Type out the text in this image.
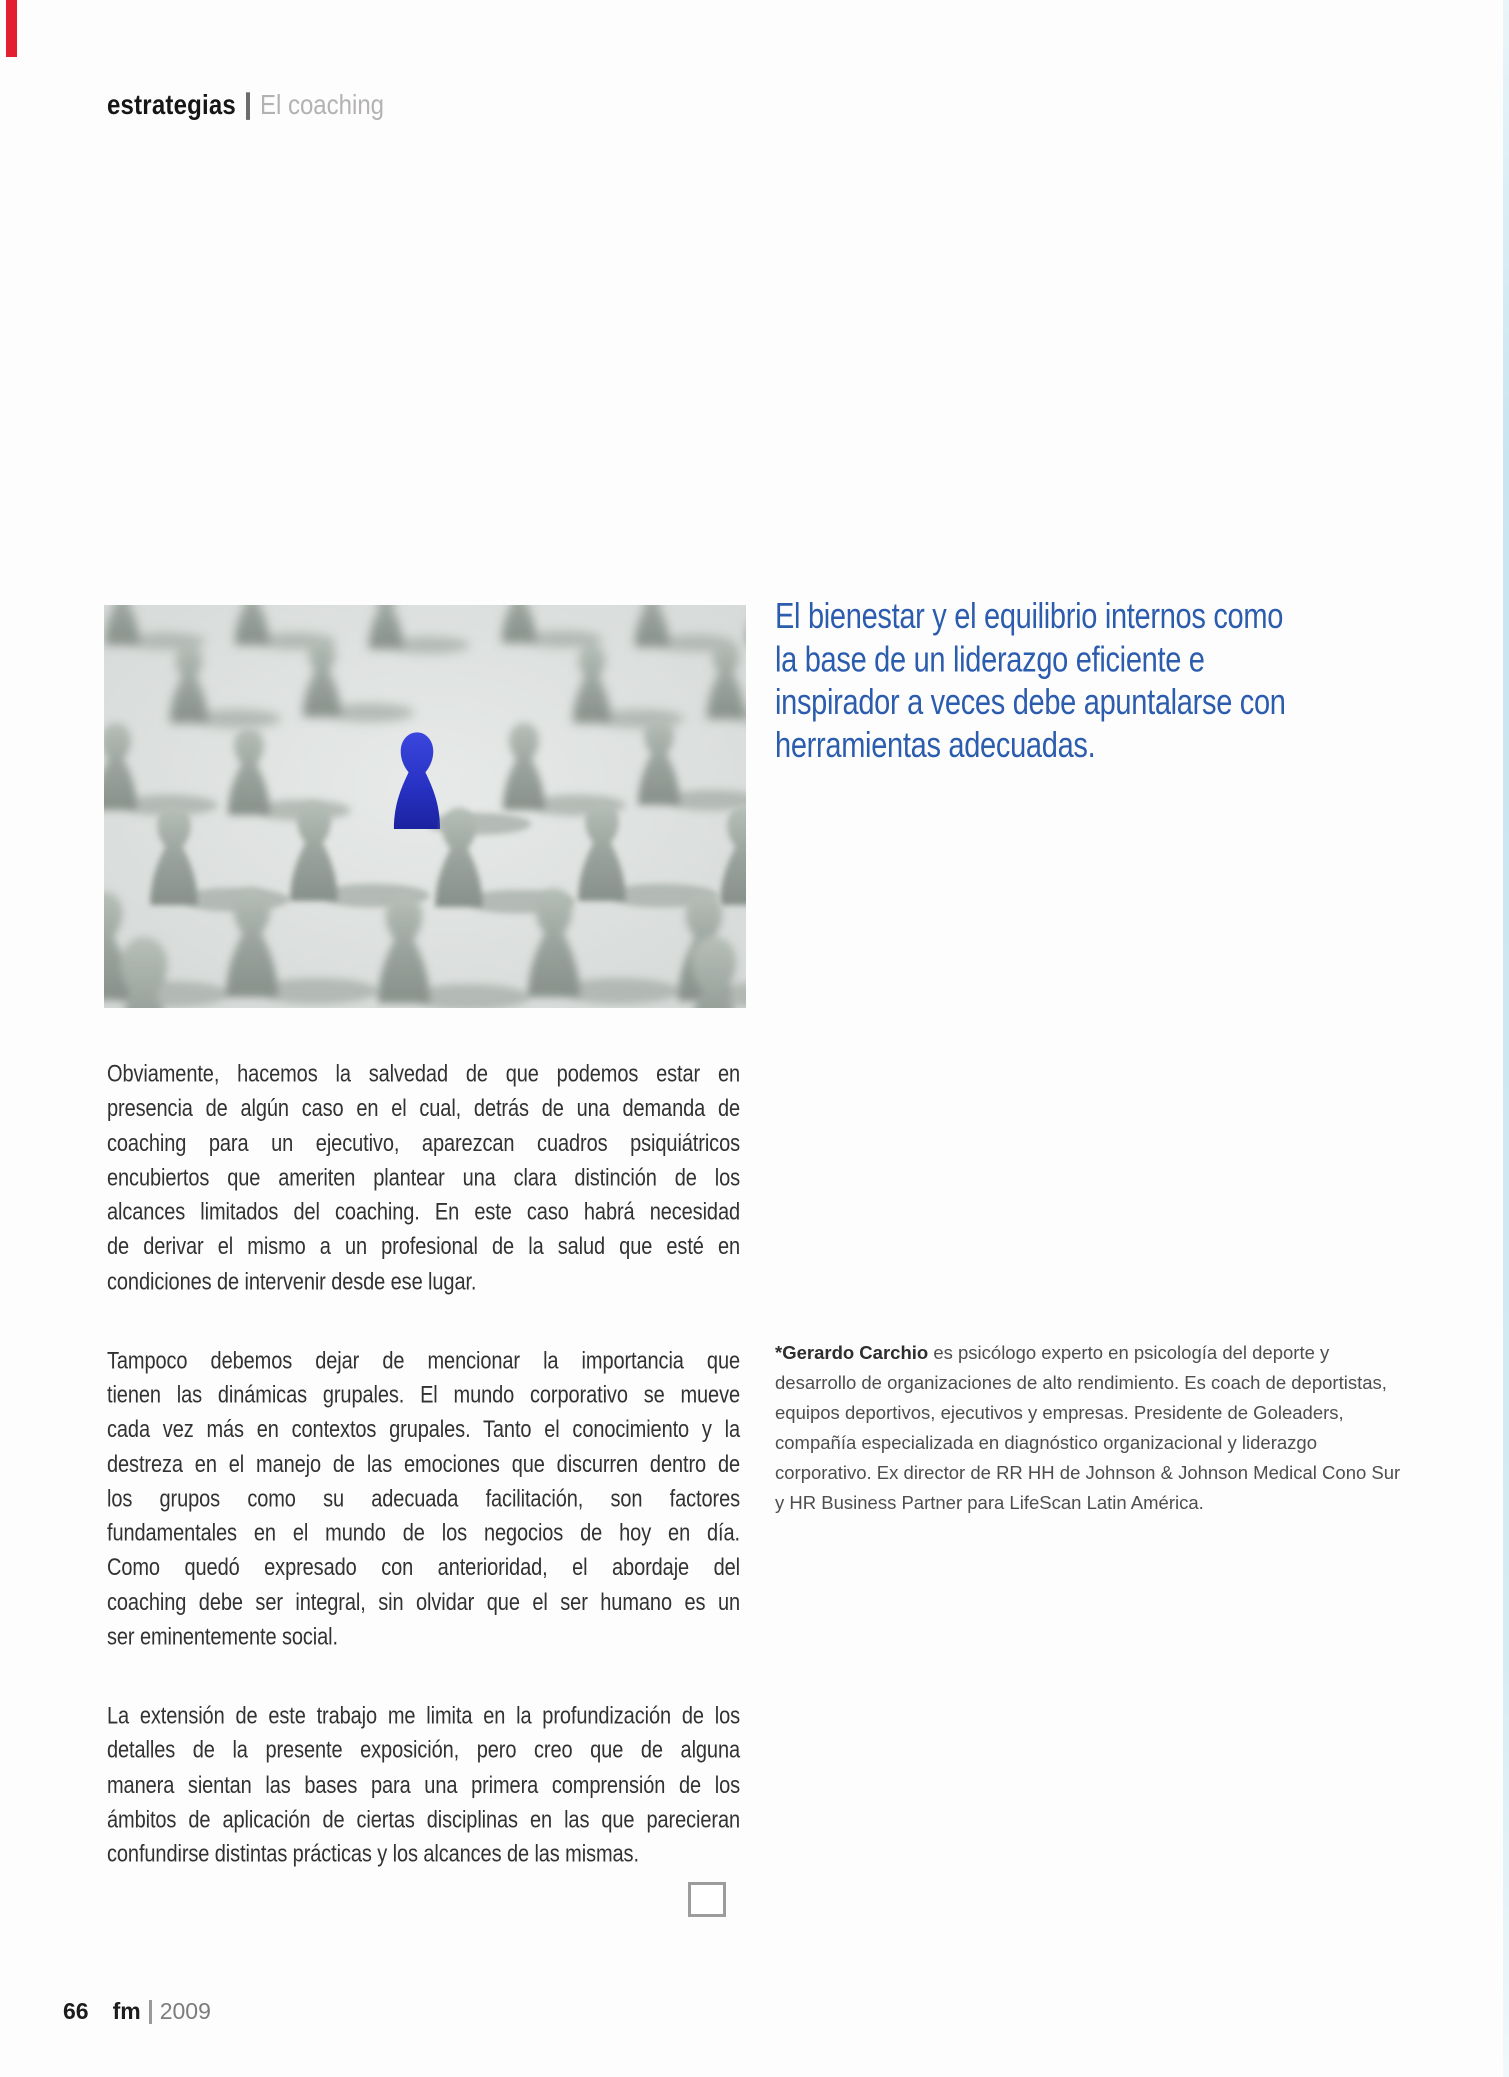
estrategias El coaching
El bienestar y el equilibrio internos como
la base de un liderazgo eficiente e
inspirador a veces debe apuntalarse con
herramientas adecuadas.
Obviamente, hacemos la salvedad de que podemos estar en
presencia de algún caso en el cual, detrás de una demanda de
coaching para un ejecutivo, aparezcan cuadros psiquiátricos
encubiertos que ameriten plantear una clara distinción de los
alcances limitados del coaching. En este caso habrá necesidad
de derivar el mismo a un profesional de la salud que esté en
condiciones de intervenir desde ese lugar.
Tampoco debemos dejar de mencionar la importancia que
tienen las dinámicas grupales. El mundo corporativo se mueve
cada vez más en contextos grupales. Tanto el conocimiento y la
destreza en el manejo de las emociones que discurren dentro de
los grupos como su adecuada facilitación, son factores
fundamentales en el mundo de los negocios de hoy en día.
Como quedó expresado con anterioridad, el abordaje del
coaching debe ser integral, sin olvidar que el ser humano es un
ser eminentemente social.
La extensión de este trabajo me limita en la profundización de los
detalles de la presente exposición, pero creo que de alguna
manera sientan las bases para una primera comprensión de los
ámbitos de aplicación de ciertas disciplinas en las que parecieran
confundirse distintas prácticas y los alcances de las mismas.
*Gerardo Carchio es psicólogo experto en psicología del deporte y
desarrollo de organizaciones de alto rendimiento. Es coach de deportistas,
equipos deportivos, ejecutivos y empresas. Presidente de Goleaders,
compañía especializada en diagnóstico organizacional y liderazgo
corporativo. Ex director de RR HH de Johnson & Johnson Medical Cono Sur
y HR Business Partner para LifeScan Latin América.
66 fm 2009
